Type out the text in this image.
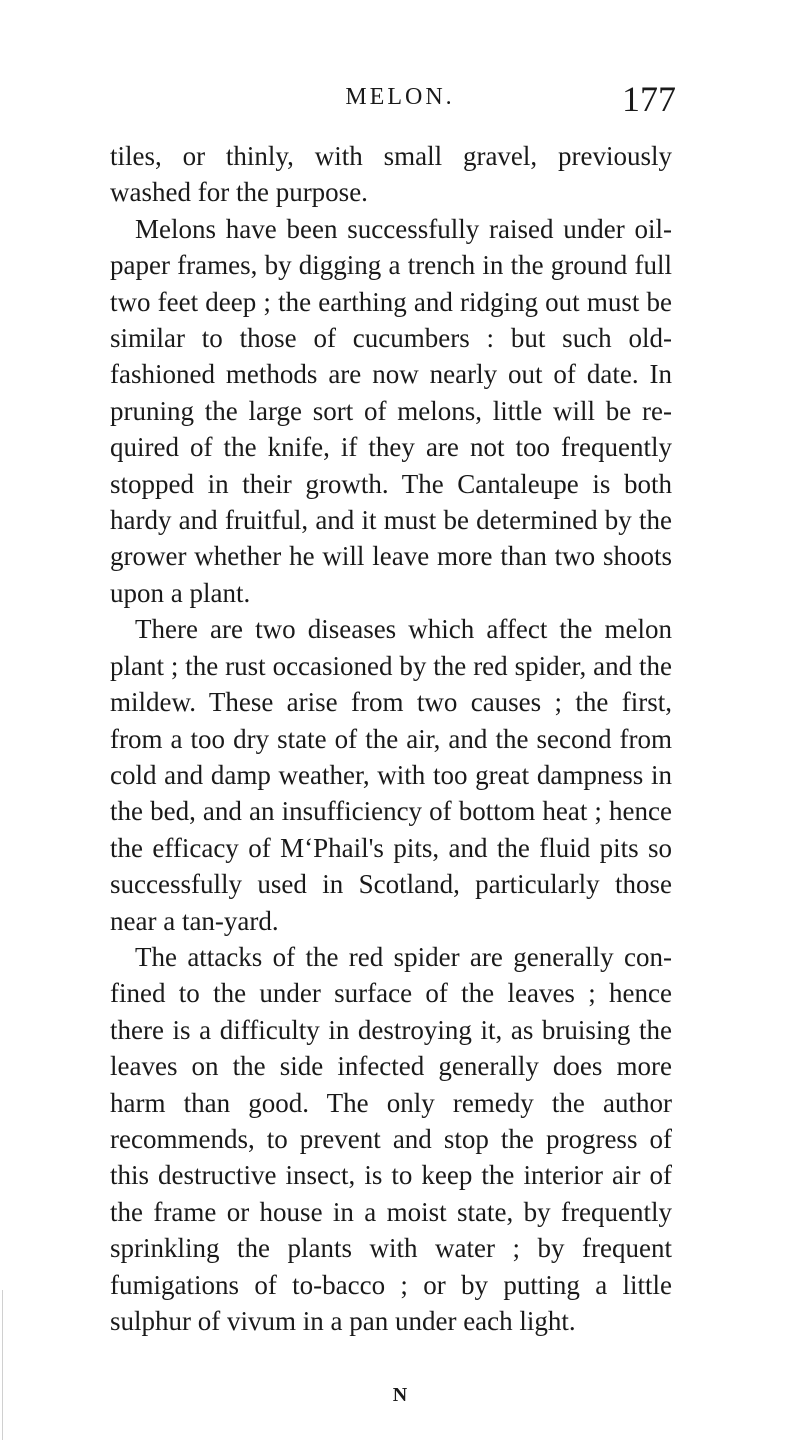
MELON.	177

tiles, or thinly, with small gravel, previously washed for the purpose.

Melons have been successfully raised under oil-paper frames, by digging a trench in the ground full two feet deep ; the earthing and ridging out must be similar to those of cucumbers : but such old-fashioned methods are now nearly out of date. In pruning the large sort of melons, little will be re-quired of the knife, if they are not too frequently stopped in their growth. The Cantaleupe is both hardy and fruitful, and it must be determined by the grower whether he will leave more than two shoots upon a plant.

There are two diseases which affect the melon plant ; the rust occasioned by the red spider, and the mildew. These arise from two causes ; the first, from a too dry state of the air, and the second from cold and damp weather, with too great dampness in the bed, and an insufficiency of bottom heat ; hence the efficacy of M‘Phail's pits, and the fluid pits so successfully used in Scotland, particularly those near a tan-yard.

The attacks of the red spider are generally con-fined to the under surface of the leaves ; hence there is a difficulty in destroying it, as bruising the leaves on the side infected generally does more harm than good. The only remedy the author recommends, to prevent and stop the progress of this destructive insect, is to keep the interior air of the frame or house in a moist state, by frequently sprinkling the plants with water ; by frequent fumigations of to-bacco ; or by putting a little sulphur of vivum in a pan under each light.

N
